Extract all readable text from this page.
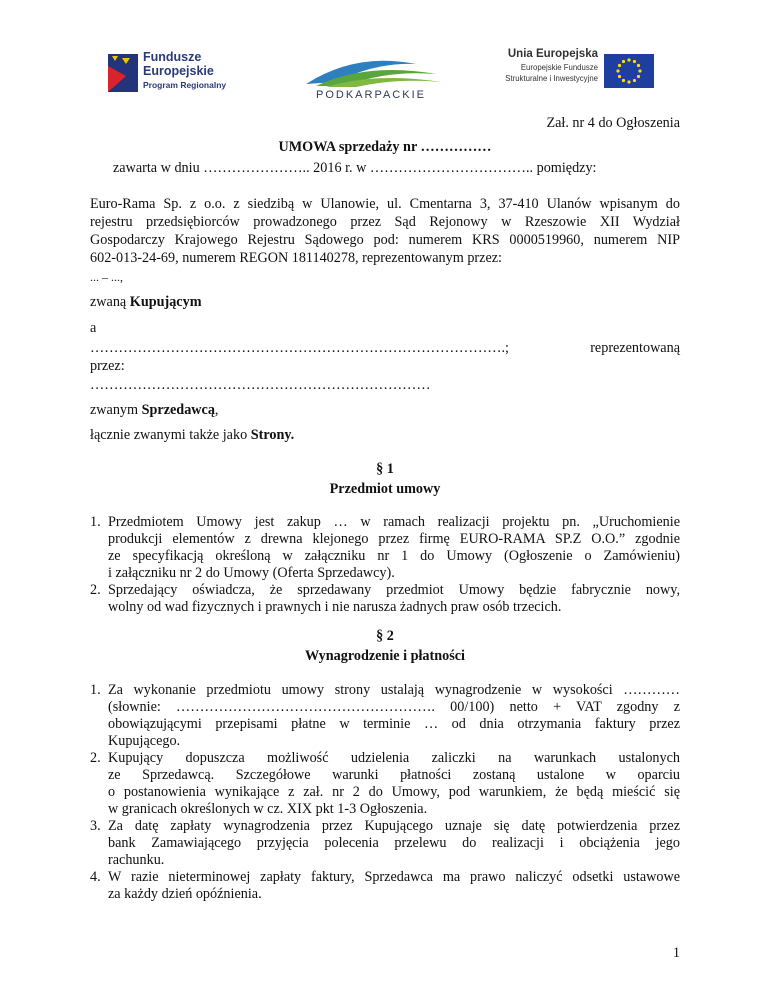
Fundusze
Europejskie
Program Regionalny
PODKARPACKIE
Unia Europejska
Europejskie Fundusze
Strukturalne i Inwestycyjne
Zał. nr 4 do Ogłoszenia
UMOWA sprzedaży nr ……………
zawarta w dniu ………………….. 2016 r. w …………………………….. pomiędzy:
Euro-Rama Sp. z o.o. z siedzibą w Ulanowie, ul. Cmentarna 3, 37-410 Ulanów wpisanym do
rejestru przedsiębiorców prowadzonego przez Sąd Rejonowy w Rzeszowie XII Wydział
Gospodarczy Krajowego Rejestru Sądowego pod: numerem KRS 0000519960, numerem NIP
602-013-24-69, numerem REGON 181140278, reprezentowanym przez:
... – ...,
zwaną Kupującym
a
…………………………………………………………………………….;	reprezentowaną
przez:
………………………………………………………………
zwanym Sprzedawcą,
łącznie zwanymi także jako Strony.
§ 1
Przedmiot umowy
1. Przedmiotem Umowy jest zakup … w ramach realizacji projektu pn. „Uruchomienie
produkcji elementów z drewna klejonego przez firmę EURO-RAMA SP.Z O.O.” zgodnie
ze specyfikacją określoną w załączniku nr 1 do Umowy (Ogłoszenie o Zamówieniu)
i załączniku nr 2 do Umowy (Oferta Sprzedawcy).
2. Sprzedający oświadcza, że sprzedawany przedmiot Umowy będzie fabrycznie nowy,
wolny od wad fizycznych i prawnych i nie narusza żadnych praw osób trzecich.
§ 2
Wynagrodzenie i płatności
1. Za wykonanie przedmiotu umowy strony ustalają wynagrodzenie w wysokości …………
(słownie: ………………………………………………. 00/100) netto + VAT zgodny z
obowiązującymi przepisami płatne w terminie … od dnia otrzymania faktury przez
Kupującego.
2. Kupujący dopuszcza możliwość udzielenia zaliczki na warunkach ustalonych
ze Sprzedawcą. Szczegółowe warunki płatności zostaną ustalone w oparciu
o postanowienia wynikające z zał. nr 2 do Umowy, pod warunkiem, że będą mieścić się
w granicach określonych w cz. XIX pkt 1-3 Ogłoszenia.
3. Za datę zapłaty wynagrodzenia przez Kupującego uznaje się datę potwierdzenia przez
bank Zamawiającego przyjęcia polecenia przelewu do realizacji i obciążenia jego
rachunku.
4. W razie nieterminowej zapłaty faktury, Sprzedawca ma prawo naliczyć odsetki ustawowe
za każdy dzień opóźnienia.
1
